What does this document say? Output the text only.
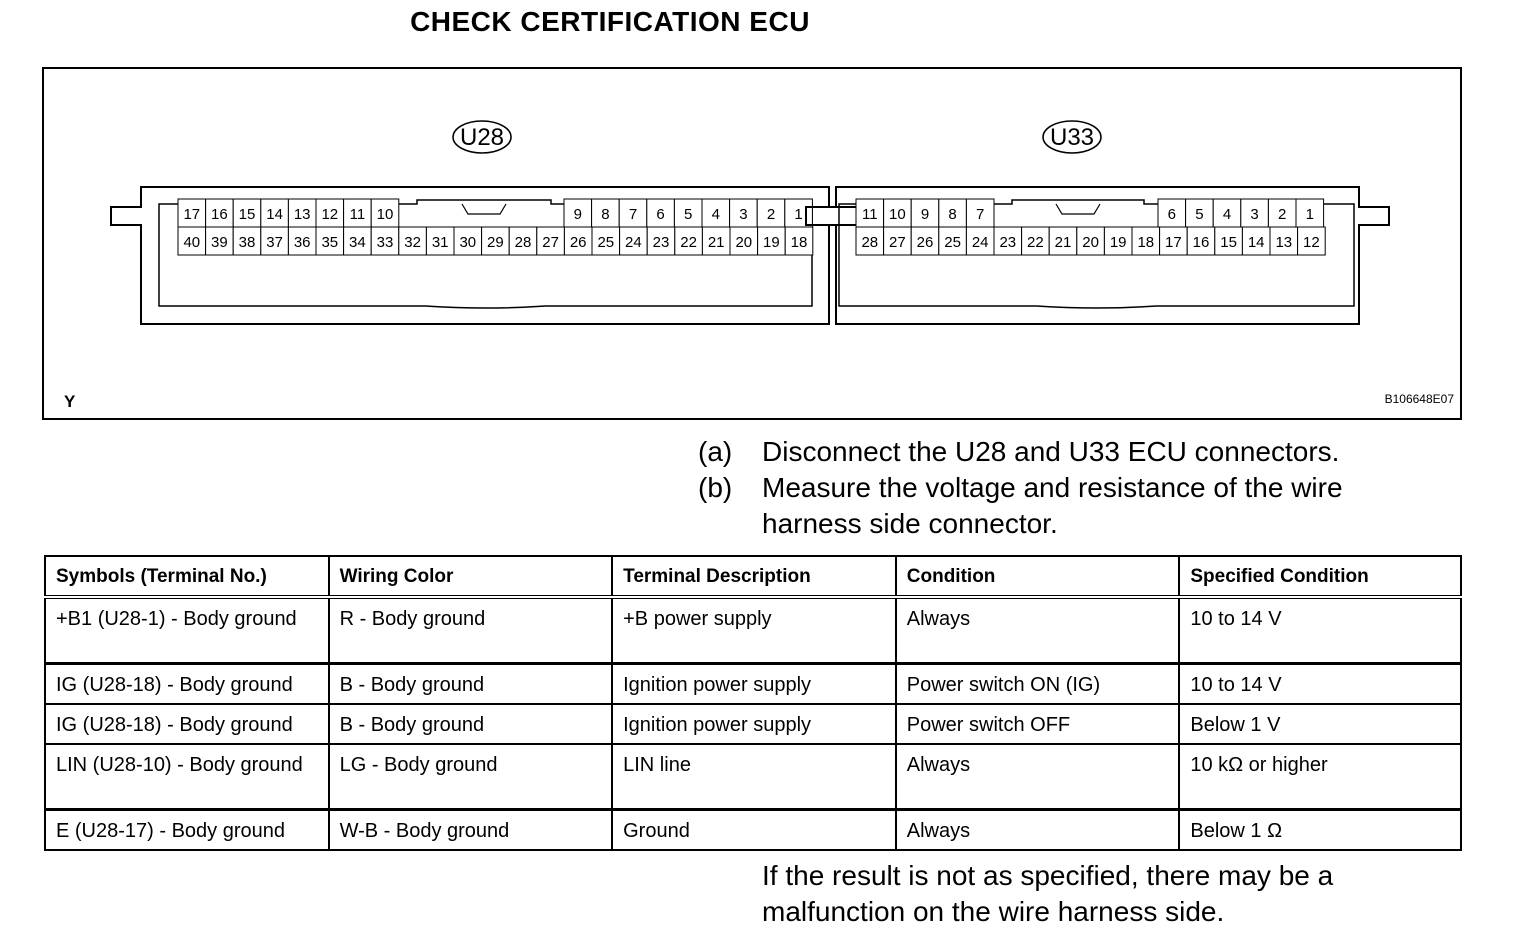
CHECK CERTIFICATION ECU
U28
17 16 15 14 13 12 11 10	9 8 7 6 5 4 3 2 1
40 39 38 37 36 35 34 33 32 31 30 29 28 27 26 25 24 23 22 21 20 19 18
U33
11 10 9 8 7	6 5 4 3 2 1
28 27 26 25 24 23 22 21 20 19 18 17 16 15 14 13 12
Y	B106648E07
(a)	Disconnect the U28 and U33 ECU connectors.
(b)	Measure the voltage and resistance of the wire harness side connector.
Symbols (Terminal No.)	Wiring Color	Terminal Description	Condition	Specified Condition
+B1 (U28-1) - Body ground	R - Body ground	+B power supply	Always	10 to 14 V
IG (U28-18) - Body ground	B - Body ground	Ignition power supply	Power switch ON (IG)	10 to 14 V
IG (U28-18) - Body ground	B - Body ground	Ignition power supply	Power switch OFF	Below 1 V
LIN (U28-10) - Body ground	LG - Body ground	LIN line	Always	10 kΩ or higher
E (U28-17) - Body ground	W-B - Body ground	Ground	Always	Below 1 Ω
If the result is not as specified, there may be a malfunction on the wire harness side.
